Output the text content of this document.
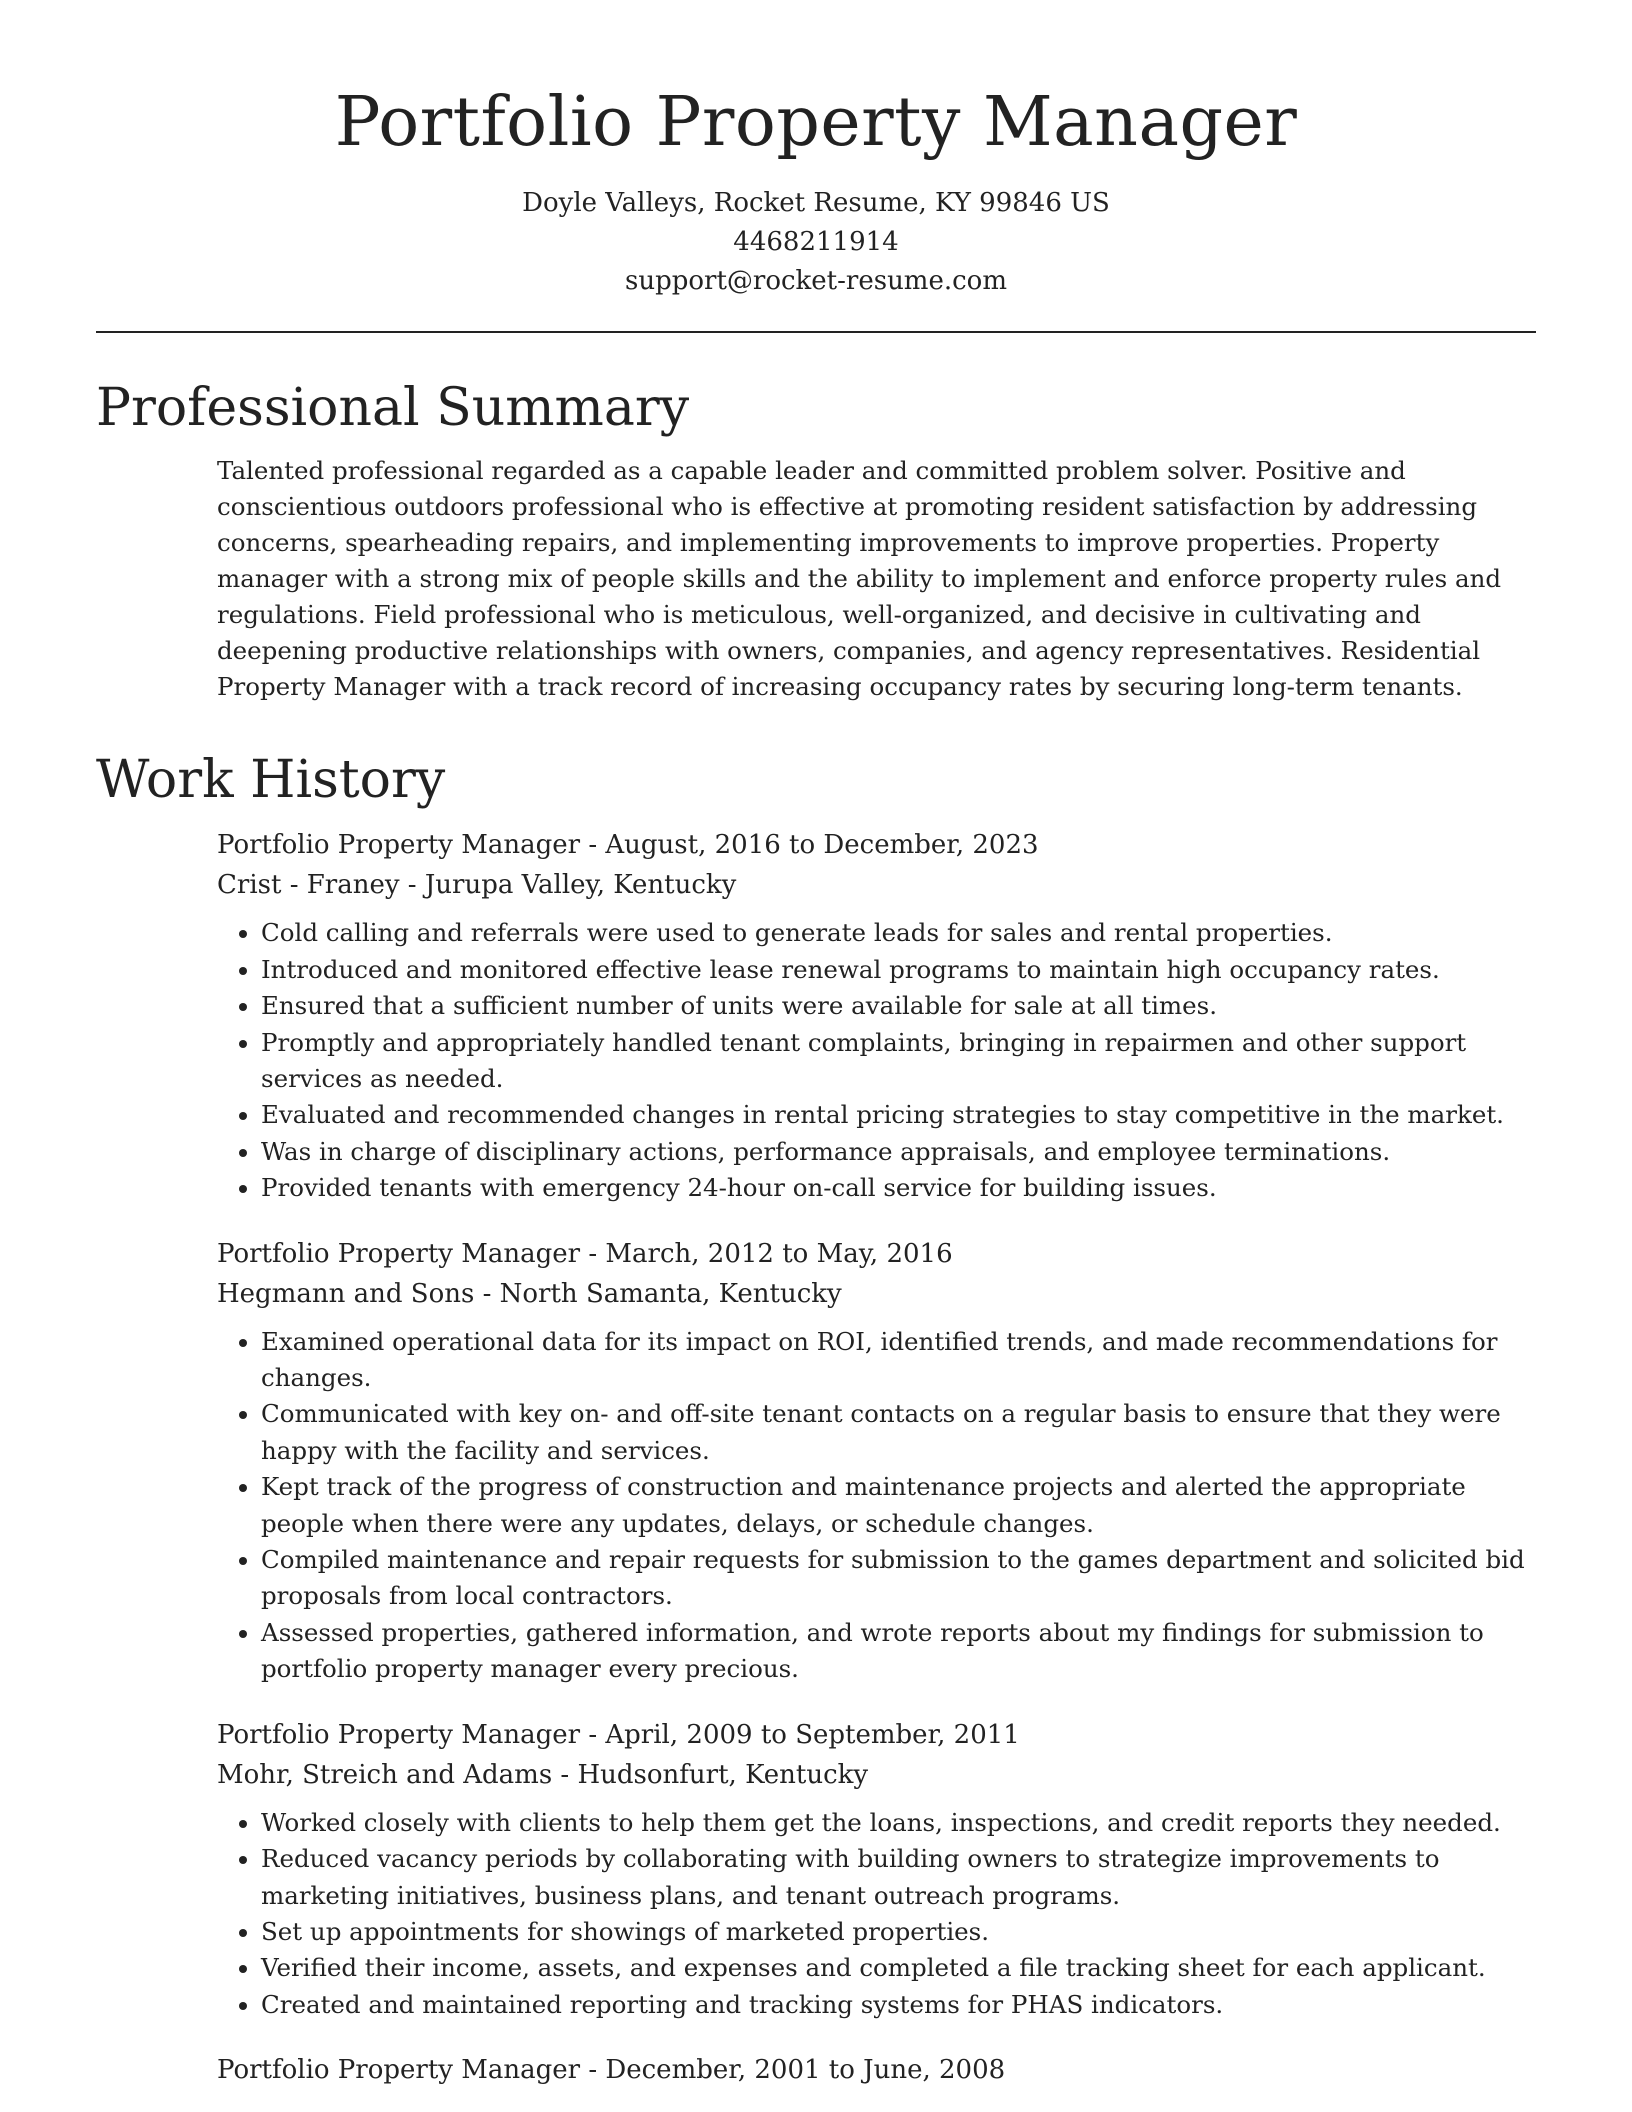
Portfolio Property Manager
Doyle Valleys, Rocket Resume, KY 99846 US
4468211914
support@rocket-resume.com
Professional Summary

Talented professional regarded as a capable leader and committed problem solver. Positive and conscientious outdoors professional who is effective at promoting resident satisfaction by addressing concerns, spearheading repairs, and implementing improvements to improve properties. Property manager with a strong mix of people skills and the ability to implement and enforce property rules and regulations. Field professional who is meticulous, well-organized, and decisive in cultivating and deepening productive relationships with owners, companies, and agency representatives. Residential Property Manager with a track record of increasing occupancy rates by securing long-term tenants.

Work History
Portfolio Property Manager - August, 2016 to December, 2023
Crist - Franey - Jurupa Valley, Kentucky
• Cold calling and referrals were used to generate leads for sales and rental properties.
• Introduced and monitored effective lease renewal programs to maintain high occupancy rates.
• Ensured that a sufficient number of units were available for sale at all times.
• Promptly and appropriately handled tenant complaints, bringing in repairmen and other support services as needed.
• Evaluated and recommended changes in rental pricing strategies to stay competitive in the market.
• Was in charge of disciplinary actions, performance appraisals, and employee terminations.
• Provided tenants with emergency 24-hour on-call service for building issues.
Portfolio Property Manager - March, 2012 to May, 2016
Hegmann and Sons - North Samanta, Kentucky
• Examined operational data for its impact on ROI, identified trends, and made recommendations for changes.
• Communicated with key on- and off-site tenant contacts on a regular basis to ensure that they were happy with the facility and services.
• Kept track of the progress of construction and maintenance projects and alerted the appropriate people when there were any updates, delays, or schedule changes.
• Compiled maintenance and repair requests for submission to the games department and solicited bid proposals from local contractors.
• Assessed properties, gathered information, and wrote reports about my findings for submission to portfolio property manager every precious.
Portfolio Property Manager - April, 2009 to September, 2011
Mohr, Streich and Adams - Hudsonfurt, Kentucky
• Worked closely with clients to help them get the loans, inspections, and credit reports they needed.
• Reduced vacancy periods by collaborating with building owners to strategize improvements to marketing initiatives, business plans, and tenant outreach programs.
• Set up appointments for showings of marketed properties.
• Verified their income, assets, and expenses and completed a file tracking sheet for each applicant.
• Created and maintained reporting and tracking systems for PHAS indicators.
Portfolio Property Manager - December, 2001 to June, 2008
